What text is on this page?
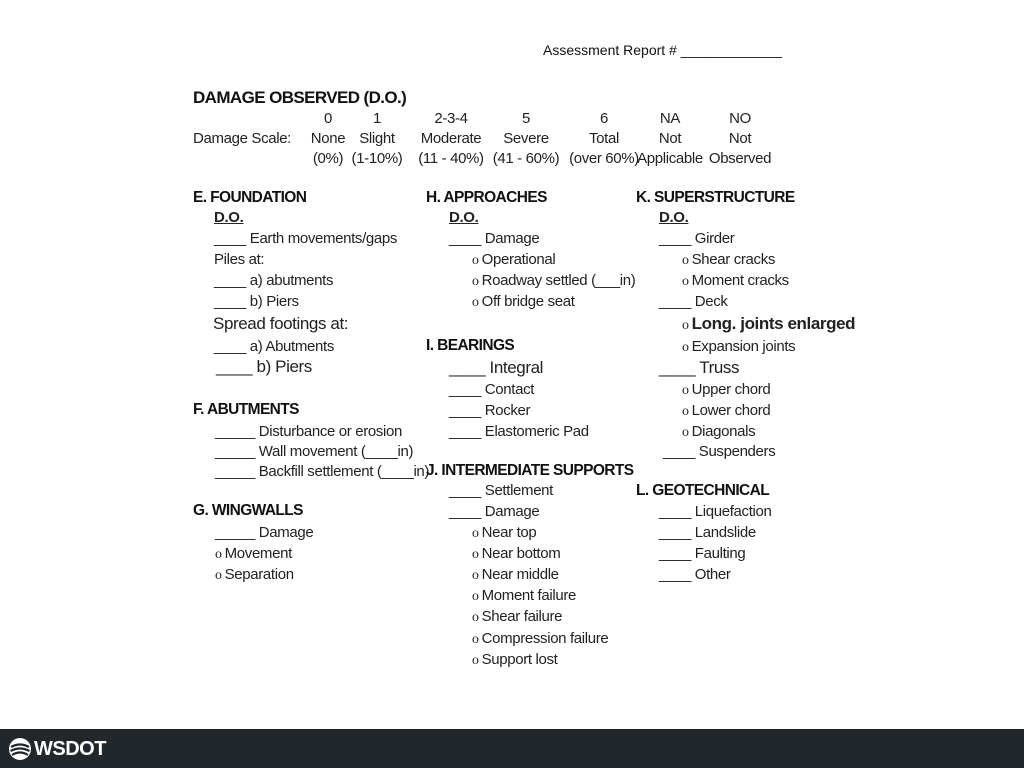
Assessment Report # _____________
DAMAGE OBSERVED (D.O.)
Damage Scale:
0
None
(0%)
1
Slight
(1-10%)
2-3-4
Moderate
(11 - 40%)
5
Severe
(41 - 60%)
6
Total
(over 60%)
NA
Not
Applicable
NO
Not
Observed
E. FOUNDATION
D.O.
____ Earth movements/gaps
Piles at:
____ a) abutments
____ b) Piers
Spread footings at:
____ a) Abutments
____ b) Piers
F. ABUTMENTS
_____ Disturbance or erosion
_____ Wall movement (____in)
_____ Backfill settlement (____in)
G. WINGWALLS
_____ Damage
o Movement
o Separation
H. APPROACHES
D.O.
____ Damage
o Operational
o Roadway settled (___in)
o Off bridge seat
I. BEARINGS
____ Integral
____ Contact
____ Rocker
____ Elastomeric Pad
J. INTERMEDIATE SUPPORTS
____ Settlement
____ Damage
o Near top
o Near bottom
o Near middle
o Moment failure
o Shear failure
o Compression failure
o Support lost
K. SUPERSTRUCTURE
D.O.
____ Girder
o Shear cracks
o Moment cracks
____ Deck
o Long. joints enlarged
o Expansion joints
____ Truss
o Upper chord
o Lower chord
o Diagonals
____ Suspenders
L. GEOTECHNICAL
____ Liquefaction
____ Landslide
____ Faulting
____ Other
WSDOT
